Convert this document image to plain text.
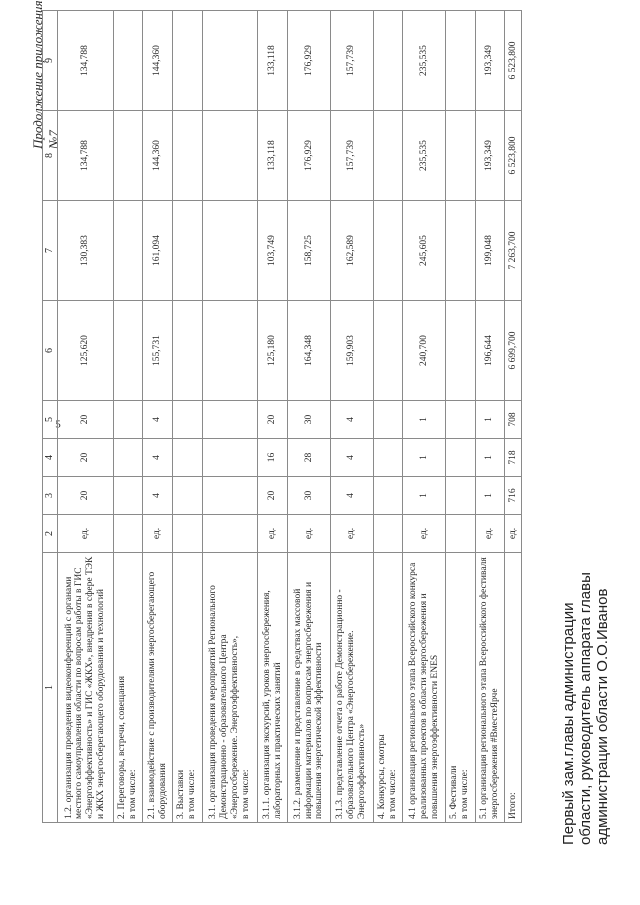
5
Продолжение приложения №7
1	2	3	4	5	6	7	8	9

1.2. организация проведения видеоконференций с органами местного самоуправления области по вопросам работы в ГИС «Энергоэффективность» и ГИС «ЖКХ», внедрения в сфере ТЭК и ЖКХ энергосберегающего оборудования и технологий	ед.	20	20	20	125,620	130,383	134,788	134,788

2. Переговоры, встречи, совещания в том числе:								

2.1. взаимодействие с производителями энергосберегающего оборудования	ед.	4	4	4	155,731	161,094	144,360	144,360

3. Выставки в том числе:								

3.1. организация проведения мероприятий Регионального Демонстрационно - образовательного Центра «Энергосбережение. Энергоэффективность», в том числе:								

3.1.1. организация экскурсий, уроков энергосбережения, лабораторных и практических занятий	ед.	20	16	20	125,180	103,749	133,118	133,118

3.1.2. размещение и представление в средствах массовой информации материалов по вопросам энергосбережения и повышения энергетической эффективности	ед.	30	28	30	164,348	158,725	176,929	176,929

3.1.3. представление отчета о работе Демонстрационно - образовательного Центра «Энергосбережение. Энергоэффективность»	ед.	4	4	4	159,903	162,589	157,739	157,739

4. Конкурсы, смотры в том числе:								

4.1 организация регионального этапа Всероссийского конкурса реализованных проектов в области энергосбережения и повышения энергоэффективности ENES	ед.	1	1	1	240,700	245,605	235,535	235,535

5. Фестивали в том числе:								

5.1 организация регионального этапа Всероссийского фестиваля энергосбережения #ВместеЯрче	ед.	1	1	1	196,644	199,048	193,349	193,349
Итого:	ед.	716	718	708	6 699,700	7 263,700	6 523,800	6 523,800
Первый зам.главы администрации области, руководитель аппарата главы администрации области О.О.Иванов
